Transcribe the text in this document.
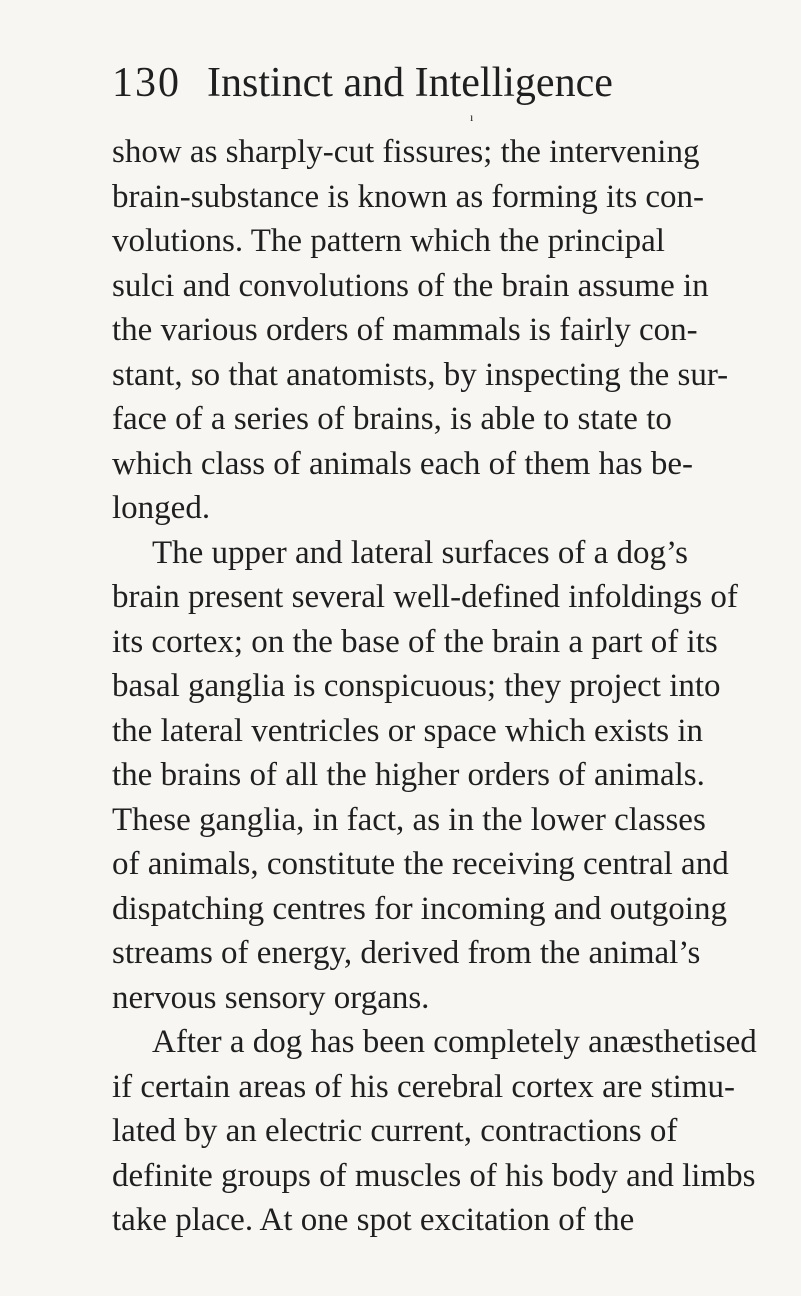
130 Instinct and Intelligence
ı
show as sharply-cut fissures; the intervening
brain-substance is known as forming its con-
volutions. The pattern which the principal
sulci and convolutions of the brain assume in
the various orders of mammals is fairly con-
stant, so that anatomists, by inspecting the sur-
face of a series of brains, is able to state to
which class of animals each of them has be-
longed.
The upper and lateral surfaces of a dog’s
brain present several well-defined infoldings of
its cortex; on the base of the brain a part of its
basal ganglia is conspicuous; they project into
the lateral ventricles or space which exists in
the brains of all the higher orders of animals.
These ganglia, in fact, as in the lower classes
of animals, constitute the receiving central and
dispatching centres for incoming and outgoing
streams of energy, derived from the animal’s
nervous sensory organs.
After a dog has been completely anæsthetised
if certain areas of his cerebral cortex are stimu-
lated by an electric current, contractions of
definite groups of muscles of his body and limbs
take place. At one spot excitation of the
